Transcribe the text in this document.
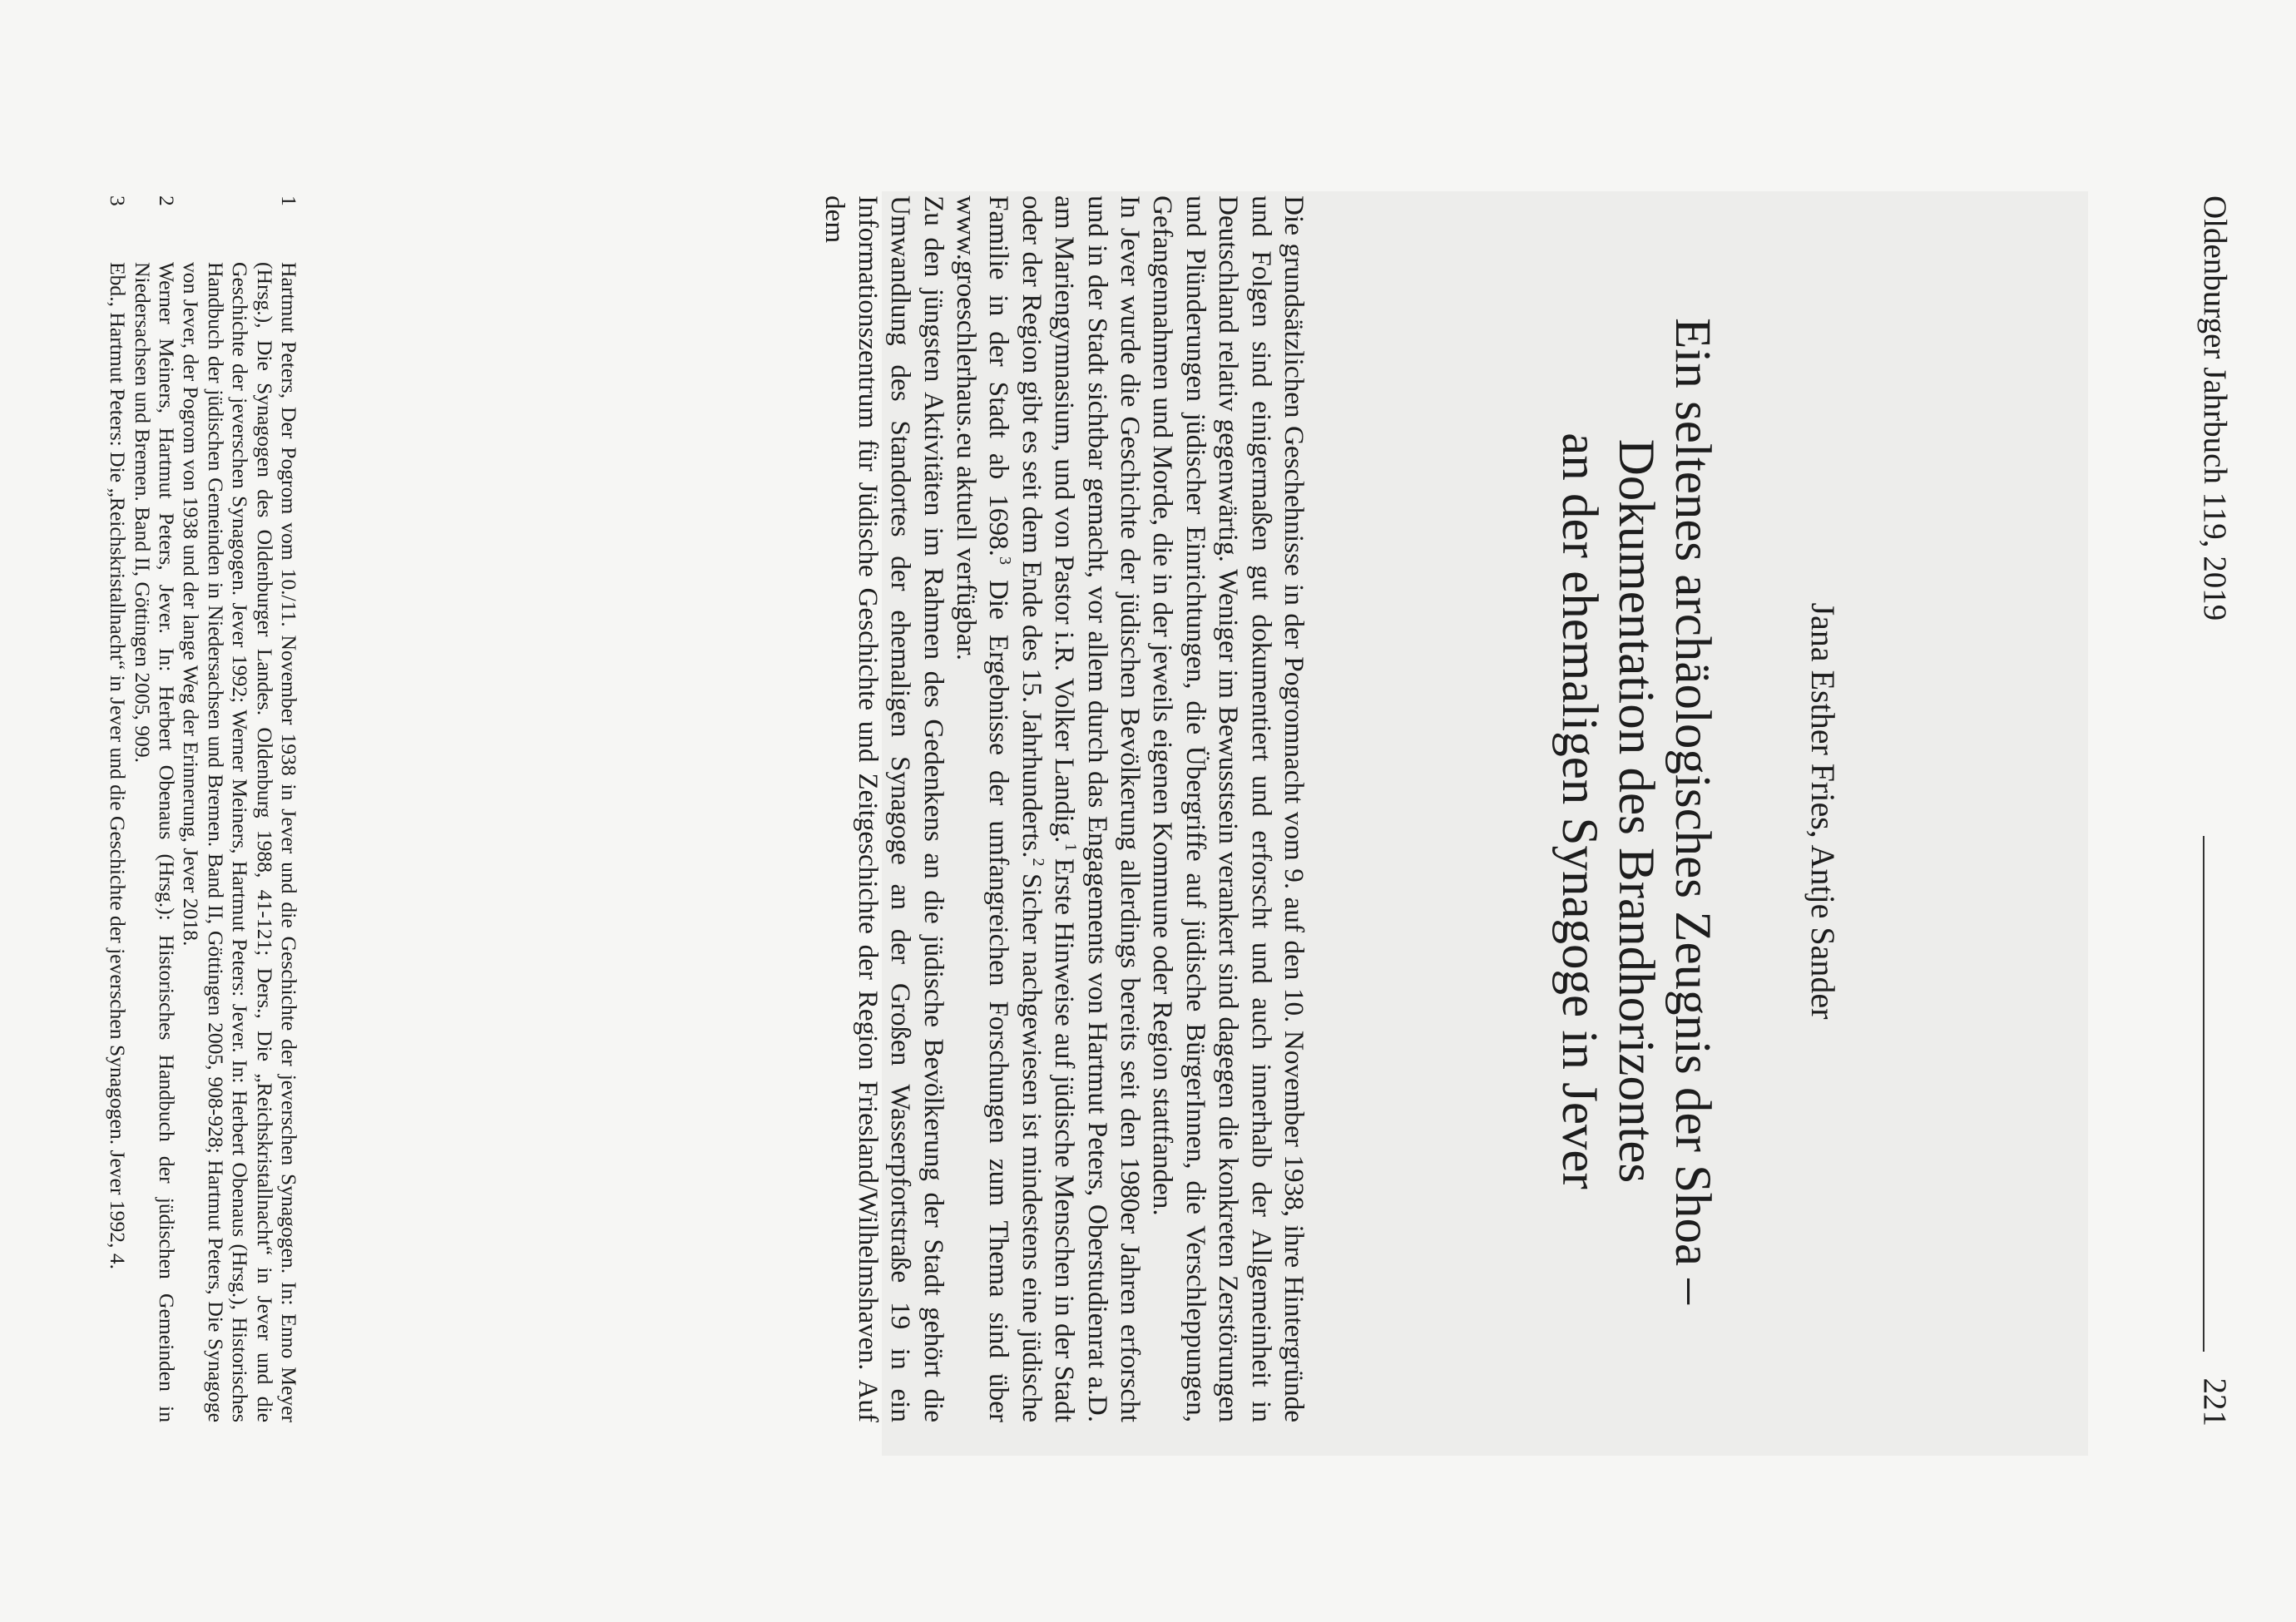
Oldenburger Jahrbuch 119, 2019
221
Jana Esther Fries, Antje Sander
Ein seltenes archäologisches Zeugnis der Shoa –
Dokumentation des Brandhorizontes
an der ehemaligen Synagoge in Jever

Die grundsätzlichen Geschehnisse in der Pogromnacht vom 9. auf den 10. November 1938, ihre Hintergründe und Folgen sind einigermaßen gut dokumentiert und erforscht und auch innerhalb der Allgemeinheit in Deutschland relativ gegenwärtig. Weniger im Bewusstsein verankert sind dagegen die konkreten Zerstörungen und Plünderungen jüdischer Einrichtungen, die Übergriffe auf jüdische BürgerInnen, die Verschleppungen, Gefangennahmen und Morde, die in der jeweils eigenen Kommune oder Region stattfanden.

In Jever wurde die Geschichte der jüdischen Bevölkerung allerdings bereits seit den 1980er Jahren erforscht und in der Stadt sichtbar gemacht, vor allem durch das Engagements von Hartmut Peters, Oberstudienrat a.D. am Mariengymnasium, und von Pastor i.R. Volker Landig.$^1$ Erste Hinweise auf jüdische Menschen in der Stadt oder der Region gibt es seit dem Ende des 15. Jahrhunderts.$^2$ Sicher nachgewiesen ist mindestens eine jüdische Familie in der Stadt ab 1698.$^3$ Die Ergebnisse der umfangreichen Forschungen zum Thema sind über www.groeschlerhaus.eu aktuell verfügbar.

Zu den jüngsten Aktivitäten im Rahmen des Gedenkens an die jüdische Bevölkerung der Stadt gehört die Umwandlung des Standortes der ehemaligen Synagoge an der Großen Wasserpfortstraße 19 in ein Informationszentrum für Jüdische Geschichte und Zeitgeschichte der Region Friesland/Wilhelmshaven. Auf dem

1
Hartmut Peters, Der Pogrom vom 10./11. November 1938 in Jever und die Geschichte der jeverschen Synagogen. In: Enno Meyer (Hrsg.), Die Synagogen des Oldenburger Landes. Oldenburg 1988, 41-121; Ders., Die „Reichskristallnacht“ in Jever und die Geschichte der jeverschen Synagogen. Jever 1992; Werner Meiners, Hartmut Peters: Jever. In: Herbert Obenaus (Hrsg.), Historisches Handbuch der jüdischen Gemeinden in Niedersachsen und Bremen. Band II, Göttingen 2005, 908-928; Hartmut Peters, Die Synagoge von Jever, der Pogrom von 1938 und der lange Weg der Erinnerung, Jever 2018.
2
Werner Meiners, Hartmut Peters, Jever. In: Herbert Obenaus (Hrsg.): Historisches Handbuch der jüdischen Gemeinden in Niedersachsen und Bremen. Band II, Göttingen 2005, 909.
3
Ebd., Hartmut Peters: Die „Reichskristallnacht“ in Jever und die Geschichte der jeverschen Synagogen. Jever 1992, 4.
